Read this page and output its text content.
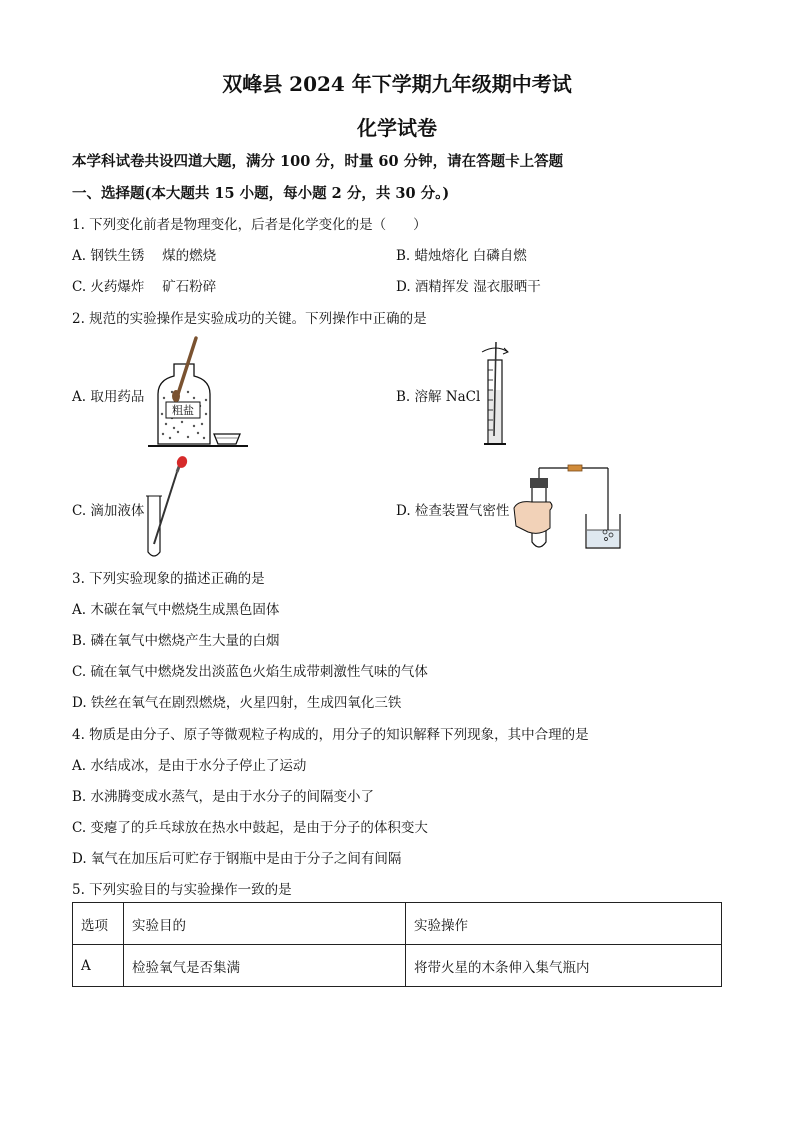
双峰县 2024 年下学期九年级期中考试
化学试卷
本学科试卷共设四道大题，满分 100 分，时量 60 分钟，请在答题卡上答题
一、选择题(本大题共 15 小题，每小题 2 分，共 30 分。)
1. 下列变化前者是物理变化，后者是化学变化的是（　　）
A. 钢铁生锈　 煤的燃烧	B. 蜡烛熔化 白磷自燃
C. 火药爆炸　 矿石粉碎	D. 酒精挥发 湿衣服晒干
2. 规范的实验操作是实验成功的关键。下列操作中正确的是
A. 取用药品	B. 溶解 NaCl
C. 滴加液体	D. 检查装置气密性
粗盐
3. 下列实验现象的描述正确的是
A. 木碳在氧气中燃烧生成黑色固体
B. 磷在氧气中燃烧产生大量的白烟
C. 硫在氧气中燃烧发出淡蓝色火焰生成带刺激性气味的气体
D. 铁丝在氧气在剧烈燃烧，火星四射，生成四氧化三铁
4. 物质是由分子、原子等微观粒子构成的，用分子的知识解释下列现象，其中合理的是
A. 水结成冰，是由于水分子停止了运动
B. 水沸腾变成水蒸气，是由于水分子的间隔变小了
C. 变瘪了的乒乓球放在热水中鼓起，是由于分子的体积变大
D. 氧气在加压后可贮存于钢瓶中是由于分子之间有间隔
5. 下列实验目的与实验操作一致的是
选项	实验目的	实验操作
A	检验氧气是否集满	将带火星的木条伸入集气瓶内
